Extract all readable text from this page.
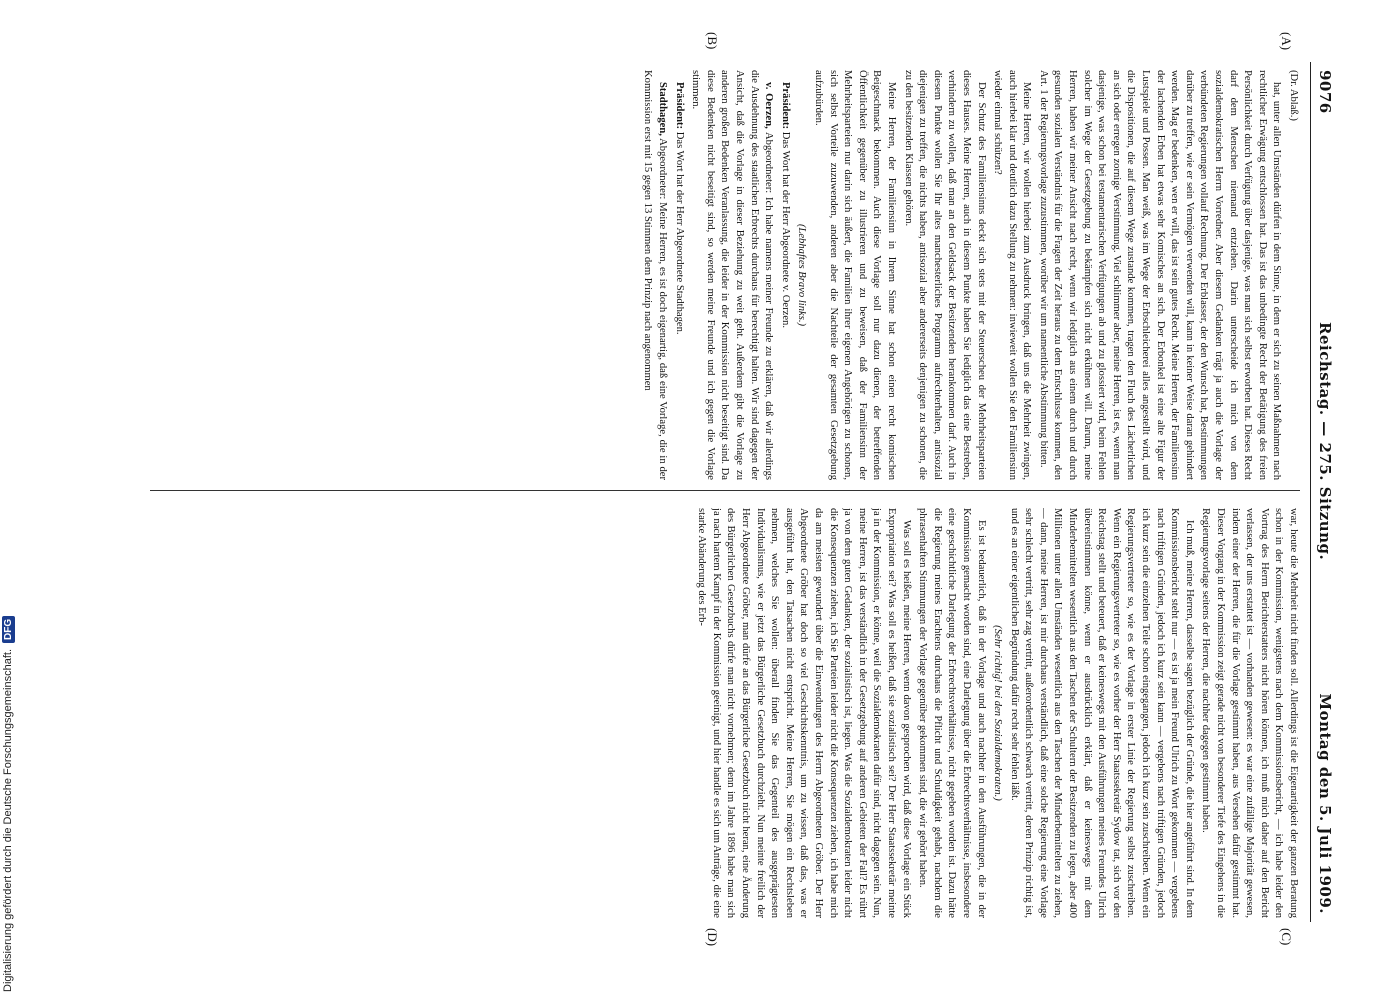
9076
Reichstag. — 275. Sitzung.
Montag den 5. Juli 1909.
(A)
(B)
(C)
(D)

(Dr. Ablaß.)

hat, unter allen Umständen dürfen in dem Sinne, in dem er sich zu seinen Maßnahmen nach rechtlicher Erwägung entschlossen hat. Das ist das unbedingte Recht der Betätigung des freien Persönlichkeit durch Verfügung über dasjenige, was man sich selbst erworben hat. Dieses Recht darf dem Menschen niemand entziehen. Darin unterscheide ich mich von dem sozialdemokratischen Herrn Vorredner. Aber diesem Gedanken trägt ja auch die Vorlage der verbündeten Regierungen vollauf Rechnung. Der Erblasser, der den Wunsch hat, Bestimmungen darüber zu treffen, wie er sein Vermögen verwenden will, kann in keiner Weise daran gehindert werden. Mag er bedenken, wen er will, das ist sein gutes Recht. Meine Herren, der Familiensinn der lachenden Erben hat etwas sehr Komisches an sich. Der Erbonkel ist eine alte Figur der Lustspiele und Possen. Man weiß, was im Wege der Erbschleicherei alles angestellt wird, und die Dispositionen, die auf diesem Wege zustande kommen, tragen den Fluch des Lächerlichen an sich oder erregen zornige Verstimmung. Viel schlimmer aber, meine Herren, ist es, wenn man dasjenige, was schon bei testamentarischen Verfügungen ab und zu glossiert wird, beim Fehlen solcher im Wege der Gesetzgebung zu bekämpfen sich nicht erkühnen will. Darum, meine Herren, haben wir meiner Ansicht nach recht, wenn wir lediglich aus einem durch und durch gesunden sozialen Verständnis für die Fragen der Zeit heraus zu dem Entschlusse kommen, den Art. 1 der Regierungsvorlage zuzustimmen, worüber wir um namentliche Abstimmung bitten.

Meine Herren, wir wollen hierbei zum Ausdruck bringen, daß uns die Mehrheit zwingen, auch hierbei klar und deutlich dazu Stellung zu nehmen: inwieweit wollen Sie den Familiensinn wieder einmal schützen?

Der Schutz des Familiensinns deckt sich stets mit der Steuerscheu der Mehrheitsparteien dieses Hauses. Meine Herren, auch in diesem Punkte haben Sie lediglich das eine Bestreben, verhindern zu wollen, daß man an den Geldsack der Besitzenden herankommen darf. Auch in diesem Punkte wollen Sie Ihr altes manchesterliches Programm aufrechterhalten, antisozial diejenigen zu treffen, die nichts haben, antisozial aber andererseits denjenigen zu schonen, die zu den besitzenden Klassen gehören.

Meine Herren, der Familiensinn in Ihrem Sinne hat schon einen recht komischen Beigeschmack bekommen. Auch diese Vorlage soll nur dazu dienen, der betreffenden Öffentlichkeit gegenüber zu illustrieren und zu beweisen, daß der Familiensinn der Mehrheitsparteien nur darin sich äußert, die Familien ihrer eigenen Angehörigen zu schonen, sich selbst Vorteile zuzuwenden, anderen aber die Nachteile der gesamten Gesetzgebung aufzubürden.

(Lebhaftes Bravo links.)

Präsident: Das Wort hat der Herr Abgeordnete v. Oerzen.

v. Oerzen, Abgeordneter: Ich habe namens meiner Freunde zu erklären, daß wir allerdings die Ausdehnung des staatlichen Erbrechts durchaus für berechtigt halten. Wir sind dagegen der Ansicht, daß die Vorlage in dieser Beziehung zu weit geht. Außerdem gibt die Vorlage zu anderen großen Bedenken Veranlassung, die leider in der Kommission nicht beseitigt sind. Da diese Bedenken nicht beseitigt sind, so werden meine Freunde und ich gegen die Vorlage stimmen.

Präsident: Das Wort hat der Herr Abgeordnete Stadthagen.

Stadthagen, Abgeordneter: Meine Herren, es ist doch eigenartig, daß eine Vorlage, die in der Kommission erst mit 15 gegen 13 Stimmen dem Prinzip nach angenommen

war, heute die Mehrheit nicht finden soll. Allerdings ist die Eigenartigkeit der ganzen Beratung schon in der Kommission, wenigstens nach dem Kommissionsbericht, — ich habe leider den Vortrag des Herrn Berichterstatters nicht hören können, ich muß mich daher auf den Bericht verlassen, der uns erstattet ist — vorhanden gewesen: es war eine zufällige Majorität gewesen, indem einer der Herren, die für die Vorlage gestimmt haben, aus Versehen dafür gestimmt hat. Dieser Vorgang in der Kommission zeigt gerade nicht von besonderer Tiefe des Eingehens in die Regierungsvorlage seitens der Herren, die nachher dagegen gestimmt haben.

Ich muß, meine Herren, dasselbe sagen bezüglich der Gründe, die hier angeführt sind. In dem Kommissionsbericht steht nur — es ist ja mein Freund Ulrich zu Wort gekommen — vergebens nach triftigen Gründen, jedoch ich kurz sein kann — vergebens nach triftigen Gründen, jedoch ich kurz sein die einzelnen Teile schon eingegangen, jedoch ich kurz sein zuschreiben. Wenn ein Regierungsvertreter so, wie es der Vorlage in erster Linie der Regierung selbst zuschreiben. Wenn ein Regierungsvertreter so, wie es vorher der Herr Staatssekretär Sydow tat, sich vor den Reichstag stellt und beteuert, daß er keineswegs mit den Ausführungen meines Freundes Ulrich übereinstimmen könne, wenn er ausdrücklich erklärt, daß er keineswegs mit dem Minderbemittelten wesentlich aus den Taschen der Schultern der Besitzenden zu legen, aber 400 Millionen unter allen Umständen wesentlich aus den Taschen der Minderbemittelten zu ziehen, — dann, meine Herren, ist mir durchaus verständlich, daß eine solche Regierung eine Vorlage sehr schlecht vertritt, sehr zag vertritt, außerordentlich schwach vertritt, deren Prinzip richtig ist, und es an einer eigentlichen Begründung dafür recht sehr fehlen läßt.

(Sehr richtig! bei den Sozialdemokraten.)

Es ist bedauerlich, daß in der Vorlage und auch nachher in den Ausführungen, die in der Kommission gemacht worden sind, eine Darlegung über die Erbrechtsverhältnisse, insbesondere eine geschichtliche Darlegung der Erbrechtsverhältnisse, nicht gegeben worden ist. Dazu hätte die Regierung meines Erachtens durchaus die Pflicht und Schuldigkeit gehabt, nachdem die phrasenhaften Stimmungen der Vorlage gegenüber gekommen sind, die wir gehört haben.

Was soll es heißen, meine Herren, wenn davon gesprochen wird, daß diese Vorlage ein Stück Expropriation sei? Was soll es heißen, daß sie sozialistisch sei? Der Herr Staatssekretär meinte ja in der Kommission, er könne, weil die Sozialdemokraten dafür sind, nicht dagegen sein. Nun, meine Herren, ist das verständlich in der Gesetzgebung auf anderen Gebieten der Fall? Es rührt ja von dem guten Gedanken, der sozialistisch ist, liegen. Was die Sozialdemokraten leider nicht die Konsequenzen ziehen, ich Sie Parteien leider nicht die Konsequenzen ziehen, ich habe mich da am meisten gewundert über die Einwendungen des Herrn Abgeordneten Gröber. Der Herr Abgeordnete Gröber hat doch so viel Geschichtskenntnis, um zu wissen, daß das, was er ausgeführt hat, den Tatsachen nicht entspricht. Meine Herren, Sie mögen ein Rechtsleben nehmen, welches Sie wollen: überall finden Sie das Gegenteil des ausgeprägtesten Individualismus, wie er jetzt das Bürgerliche Gesetzbuch durchzieht. Nun meinte freilich der Herr Abgeordnete Gröber, man dürfe an das Bürgerliche Gesetzbuch nicht heran, eine Änderung des Bürgerlichen Gesetzbuchs dürfe man nicht vornehmen; denn im Jahre 1896 habe man sich ja nach hartem Kampf in der Kommission geeinigt, und hier handle es sich um Anträge, die eine starke Abänderung des Erb-

Digitalisierung gefördert durch die Deutsche Forschungsgemeinschaft.
DFG
